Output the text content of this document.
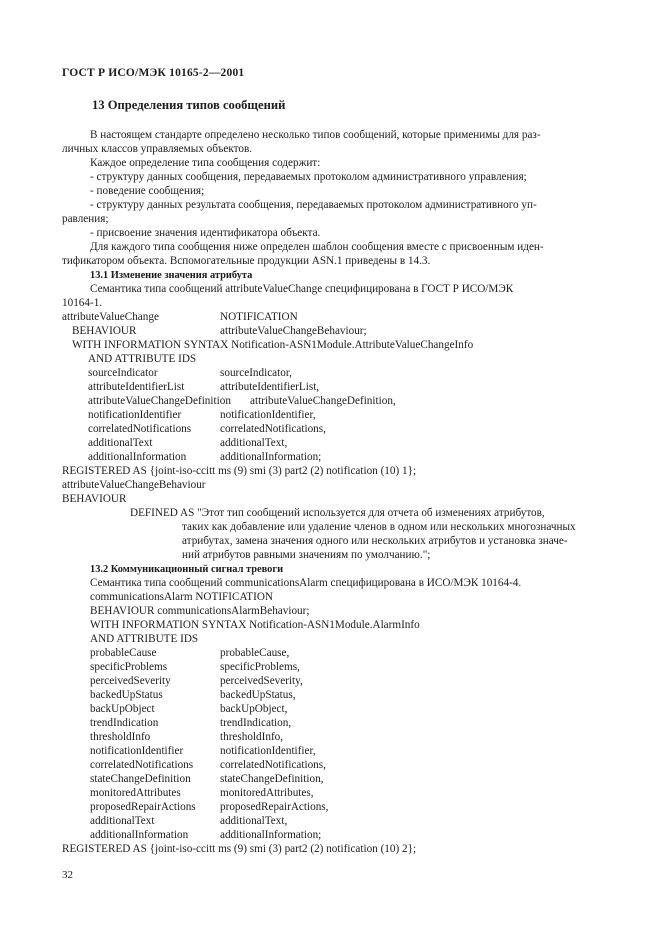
ГОСТ Р ИСО/МЭК 10165-2—2001
13 Определения типов сообщений
В настоящем стандарте определено несколько типов сообщений, которые применимы для раз-
личных классов управляемых объектов.
Каждое определение типа сообщения содержит:
- структуру данных сообщения, передаваемых протоколом административного управления;
- поведение сообщения;
- структуру данных результата сообщения, передаваемых протоколом административного уп-
равления;
- присвоение значения идентификатора объекта.
Для каждого типа сообщения ниже определен шаблон сообщения вместе с присвоенным иден-
тификатором объекта. Вспомогательные продукции ASN.1 приведены в 14.3.
13.1 Изменение значения атрибута
Семантика типа сообщений attributeValueChange специфицирована в ГОСТ Р ИСО/МЭК
10164-1.
attributeValueChange	NOTIFICATION
BEHAVIOUR	attributeValueChangeBehaviour;
WITH INFORMATION SYNTAX Notification-ASN1Module.AttributeValueChangeInfo
AND ATTRIBUTE IDS
sourceIndicator	sourceIndicator,
attributeIdentifierList	attributeIdentifierList,
attributeValueChangeDefinition attributeValueChangeDefinition,
notificationIdentifier	notificationIdentifier,
correlatedNotifications	correlatedNotifications,
additionalText	additionalText,
additionalInformation	additionalInformation;
REGISTERED AS {joint-iso-ccitt ms (9) smi (3) part2 (2) notification (10) 1};
attributeValueChangeBehaviour
BEHAVIOUR
DEFINED AS "Этот тип сообщений используется для отчета об изменениях атрибутов,
таких как добавление или удаление членов в одном или нескольких многозначных
атрибутах, замена значения одного или нескольких атрибутов и установка значе-
ний атрибутов равными значениям по умолчанию.";
13.2 Коммуникационный сигнал тревоги
Семантика типа сообщений communicationsAlarm специфицирована в ИСО/МЭК 10164-4.
communicationsAlarm NOTIFICATION
BEHAVIOUR communicationsAlarmBehaviour;
WITH INFORMATION SYNTAX Notification-ASN1Module.AlarmInfo
AND ATTRIBUTE IDS
probableCause	probableCause,
specificProblems	specificProblems,
perceivedSeverity	perceivedSeverity,
backedUpStatus	backedUpStatus,
backUpObject	backUpObject,
trendIndication	trendIndication,
thresholdInfo	thresholdInfo,
notificationIdentifier	notificationIdentifier,
correlatedNotifications correlatedNotifications,
stateChangeDefinition	stateChangeDefinition,
monitoredAttributes	monitoredAttributes,
proposedRepairActions proposedRepairActions,
additionalText	additionalText,
additionalInformation	additionalInformation;
REGISTERED AS {joint-iso-ccitt ms (9) smi (3) part2 (2) notification (10) 2};
32
